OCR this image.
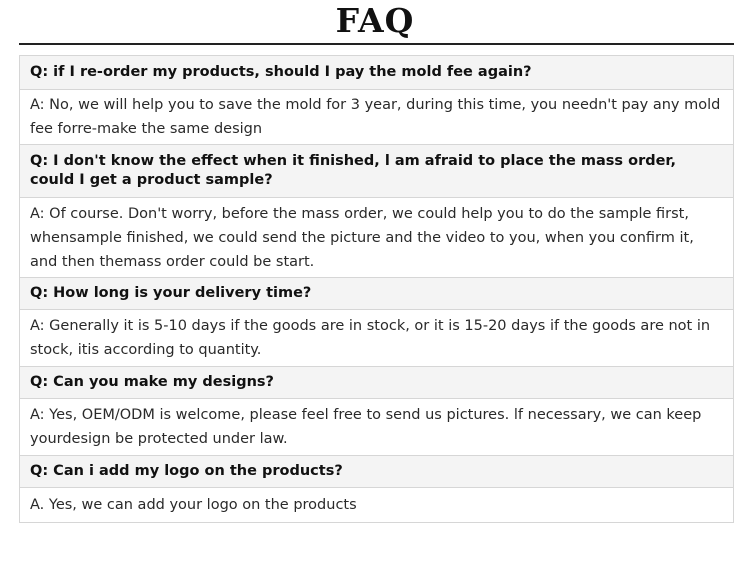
FAQ
Q: if I re-order my products, should I pay the mold fee again?
A: No, we will help you to save the mold for 3 year, during this time, you needn't pay any mold fee forre-make the same design
Q: I don't know the effect when it finished, l am afraid to place the mass order, could I get a product sample?
A: Of course. Don't worry, before the mass order, we could help you to do the sample first, whensample finished, we could send the picture and the video to you, when you confirm it, and then themass order could be start.
Q: How long is your delivery time?
A: Generally it is 5-10 days if the goods are in stock, or it is 15-20 days if the goods are not in stock, itis according to quantity.
Q: Can you make my designs?
A: Yes, OEM/ODM is welcome, please feel free to send us pictures. lf necessary, we can keep yourdesign be protected under law.
Q: Can i add my logo on the products?
A. Yes, we can add your logo on the products
